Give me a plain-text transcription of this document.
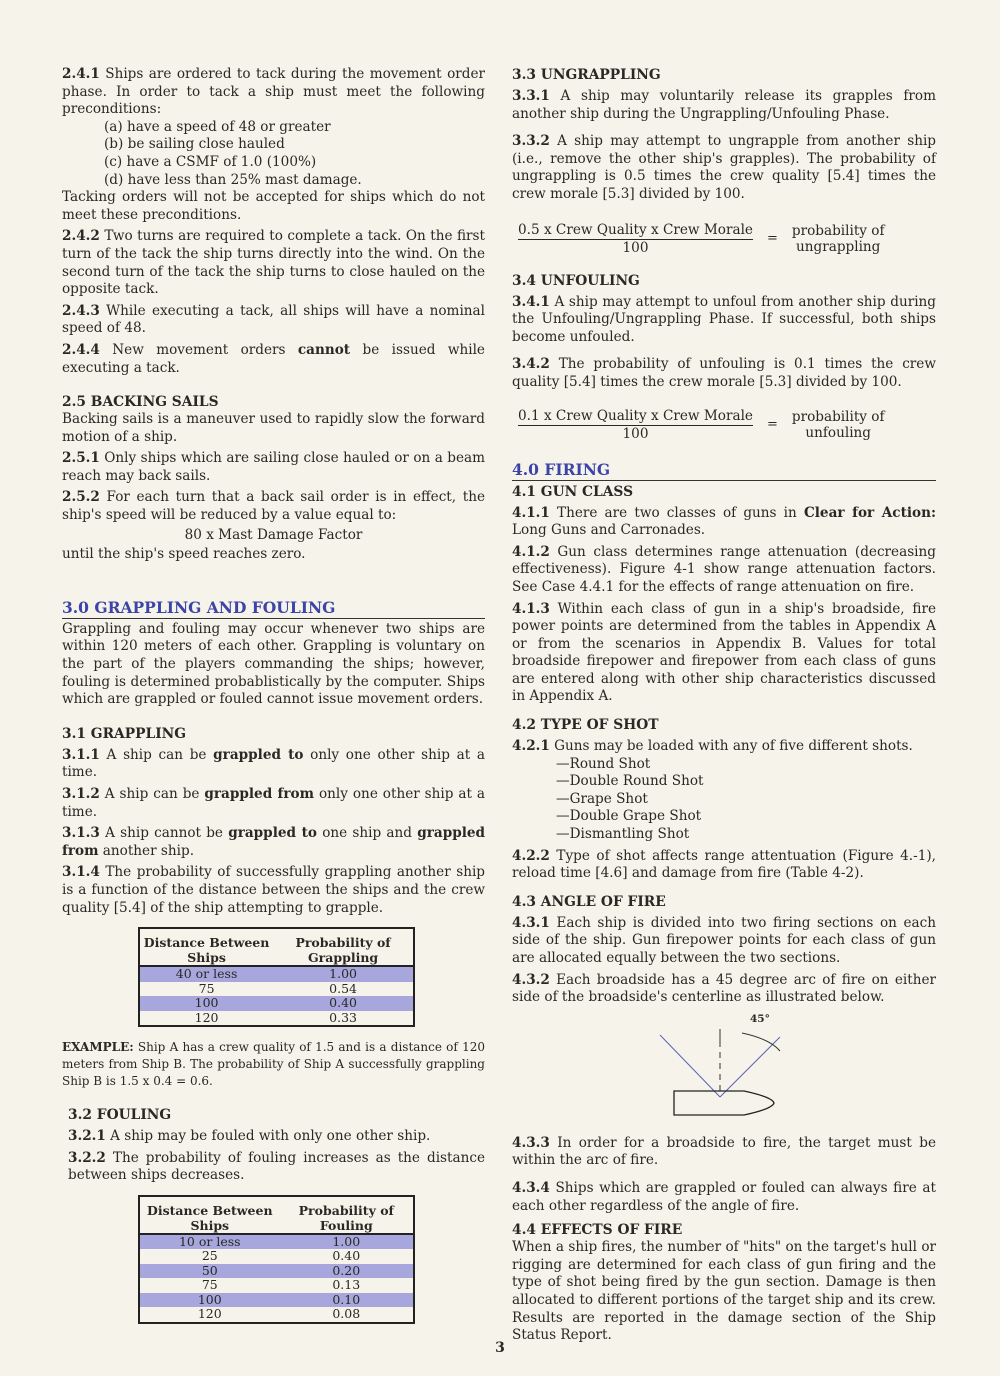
2.4.1 Ships are ordered to tack during the movement order phase. In order to tack a ship must meet the following preconditions:

(a) have a speed of 48 or greater

(b) be sailing close hauled

(c) have a CSMF of 1.0 (100%)

(d) have less than 25% mast damage.

Tacking orders will not be accepted for ships which do not meet these preconditions.

2.4.2 Two turns are required to complete a tack. On the first turn of the tack the ship turns directly into the wind. On the second turn of the tack the ship turns to close hauled on the opposite tack.

2.4.3 While executing a tack, all ships will have a nominal speed of 48.

2.4.4 New movement orders cannot be issued while executing a tack.

2.5 BACKING SAILS

Backing sails is a maneuver used to rapidly slow the forward motion of a ship.

2.5.1 Only ships which are sailing close hauled or on a beam reach may back sails.

2.5.2 For each turn that a back sail order is in effect, the ship's speed will be reduced by a value equal to:

80 x Mast Damage Factor

until the ship's speed reaches zero.

3.0 GRAPPLING AND FOULING

Grappling and fouling may occur whenever two ships are within 120 meters of each other. Grappling is voluntary on the part of the players commanding the ships; however, fouling is determined probablistically by the computer. Ships which are grappled or fouled cannot issue movement orders.

3.1 GRAPPLING

3.1.1 A ship can be grappled to only one other ship at a time.

3.1.2 A ship can be grappled from only one other ship at a time.

3.1.3 A ship cannot be grappled to one ship and grappled from another ship.

3.1.4 The probability of successfully grappling another ship is a function of the distance between the ships and the crew quality [5.4] of the ship attempting to grapple.

Distance Between Ships	Probability of Grappling
40 or less	1.00
75	0.54
100	0.40
120	0.33

EXAMPLE: Ship A has a crew quality of 1.5 and is a distance of 120 meters from Ship B. The probability of Ship A successfully grappling Ship B is 1.5 x 0.4 = 0.6.

3.2 FOULING

3.2.1 A ship may be fouled with only one other ship.

3.2.2 The probability of fouling increases as the distance between ships decreases.

Distance Between Ships	Probability of Fouling
10 or less	1.00
25	0.40
50	0.20
75	0.13
100	0.10
120	0.08

3.3 UNGRAPPLING

3.3.1 A ship may voluntarily release its grapples from another ship during the Ungrappling/Unfouling Phase.

3.3.2 A ship may attempt to ungrapple from another ship (i.e., remove the other ship's grapples). The probability of ungrappling is 0.5 times the crew quality [5.4] times the crew morale [5.3] divided by 100.

$\frac{\text{0.5 x Crew Quality x Crew Morale}}{100}$ = probability of
ungrappling

3.4 UNFOULING

3.4.1 A ship may attempt to unfoul from another ship during the Unfouling/Ungrappling Phase. If successful, both ships become unfouled.

3.4.2 The probability of unfouling is 0.1 times the crew quality [5.4] times the crew morale [5.3] divided by 100.

$\frac{\text{0.1 x Crew Quality x Crew Morale}}{100}$ = probability of
unfouling
4.0 FIRING

4.1 GUN CLASS

4.1.1 There are two classes of guns in Clear for Action: Long Guns and Carronades.

4.1.2 Gun class determines range attenuation (decreasing effectiveness). Figure 4-1 show range attenuation factors. See Case 4.4.1 for the effects of range attenuation on fire.

4.1.3 Within each class of gun in a ship's broadside, fire power points are determined from the tables in Appendix A or from the scenarios in Appendix B. Values for total broadside firepower and firepower from each class of guns are entered along with other ship characteristics discussed in Appendix A.

4.2 TYPE OF SHOT

4.2.1 Guns may be loaded with any of five different shots.

—Round Shot

—Double Round Shot

—Grape Shot

—Double Grape Shot

—Dismantling Shot

4.2.2 Type of shot affects range attentuation (Figure 4.-1), reload time [4.6] and damage from fire (Table 4-2).

4.3 ANGLE OF FIRE

4.3.1 Each ship is divided into two firing sections on each side of the ship. Gun firepower points for each class of gun are allocated equally between the two sections.

4.3.2 Each broadside has a 45 degree arc of fire on either side of the broadside's centerline as illustrated below.

45°

4.3.3 In order for a broadside to fire, the target must be within the arc of fire.

4.3.4 Ships which are grappled or fouled can always fire at each other regardless of the angle of fire.

4.4 EFFECTS OF FIRE

When a ship fires, the number of "hits" on the target's hull or rigging are determined for each class of gun firing and the type of shot being fired by the gun section. Damage is then allocated to different portions of the target ship and its crew. Results are reported in the damage section of the Ship Status Report.

3
